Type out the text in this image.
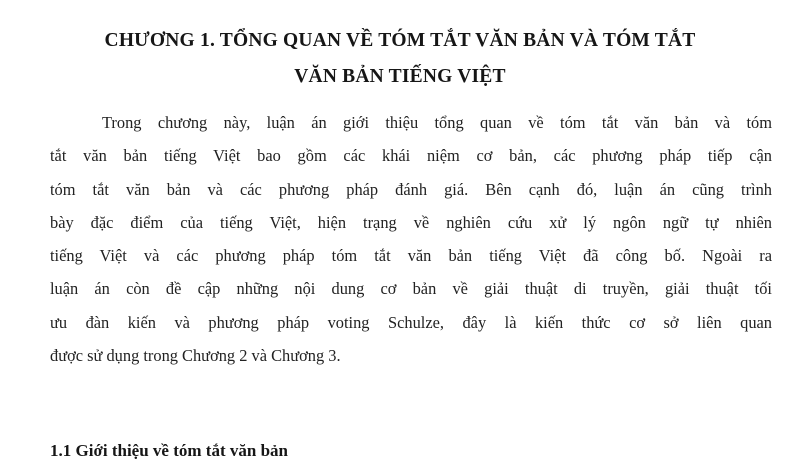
CHƯƠNG 1. TỔNG QUAN VỀ TÓM TẮT VĂN BẢN VÀ TÓM TẮT
VĂN BẢN TIẾNG VIỆT
Trong chương này, luận án giới thiệu tổng quan về tóm tắt văn bản và tóm
tắt văn bản tiếng Việt bao gồm các khái niệm cơ bản, các phương pháp tiếp cận
tóm tắt văn bản và các phương pháp đánh giá. Bên cạnh đó, luận án cũng trình
bày đặc điểm của tiếng Việt, hiện trạng về nghiên cứu xử lý ngôn ngữ tự nhiên
tiếng Việt và các phương pháp tóm tắt văn bản tiếng Việt đã công bố. Ngoài ra
luận án còn đề cập những nội dung cơ bản về giải thuật di truyền, giải thuật tối
ưu đàn kiến và phương pháp voting Schulze, đây là kiến thức cơ sở liên quan
được sử dụng trong Chương 2 và Chương 3.
1.1 Giới thiệu về tóm tắt văn bản
